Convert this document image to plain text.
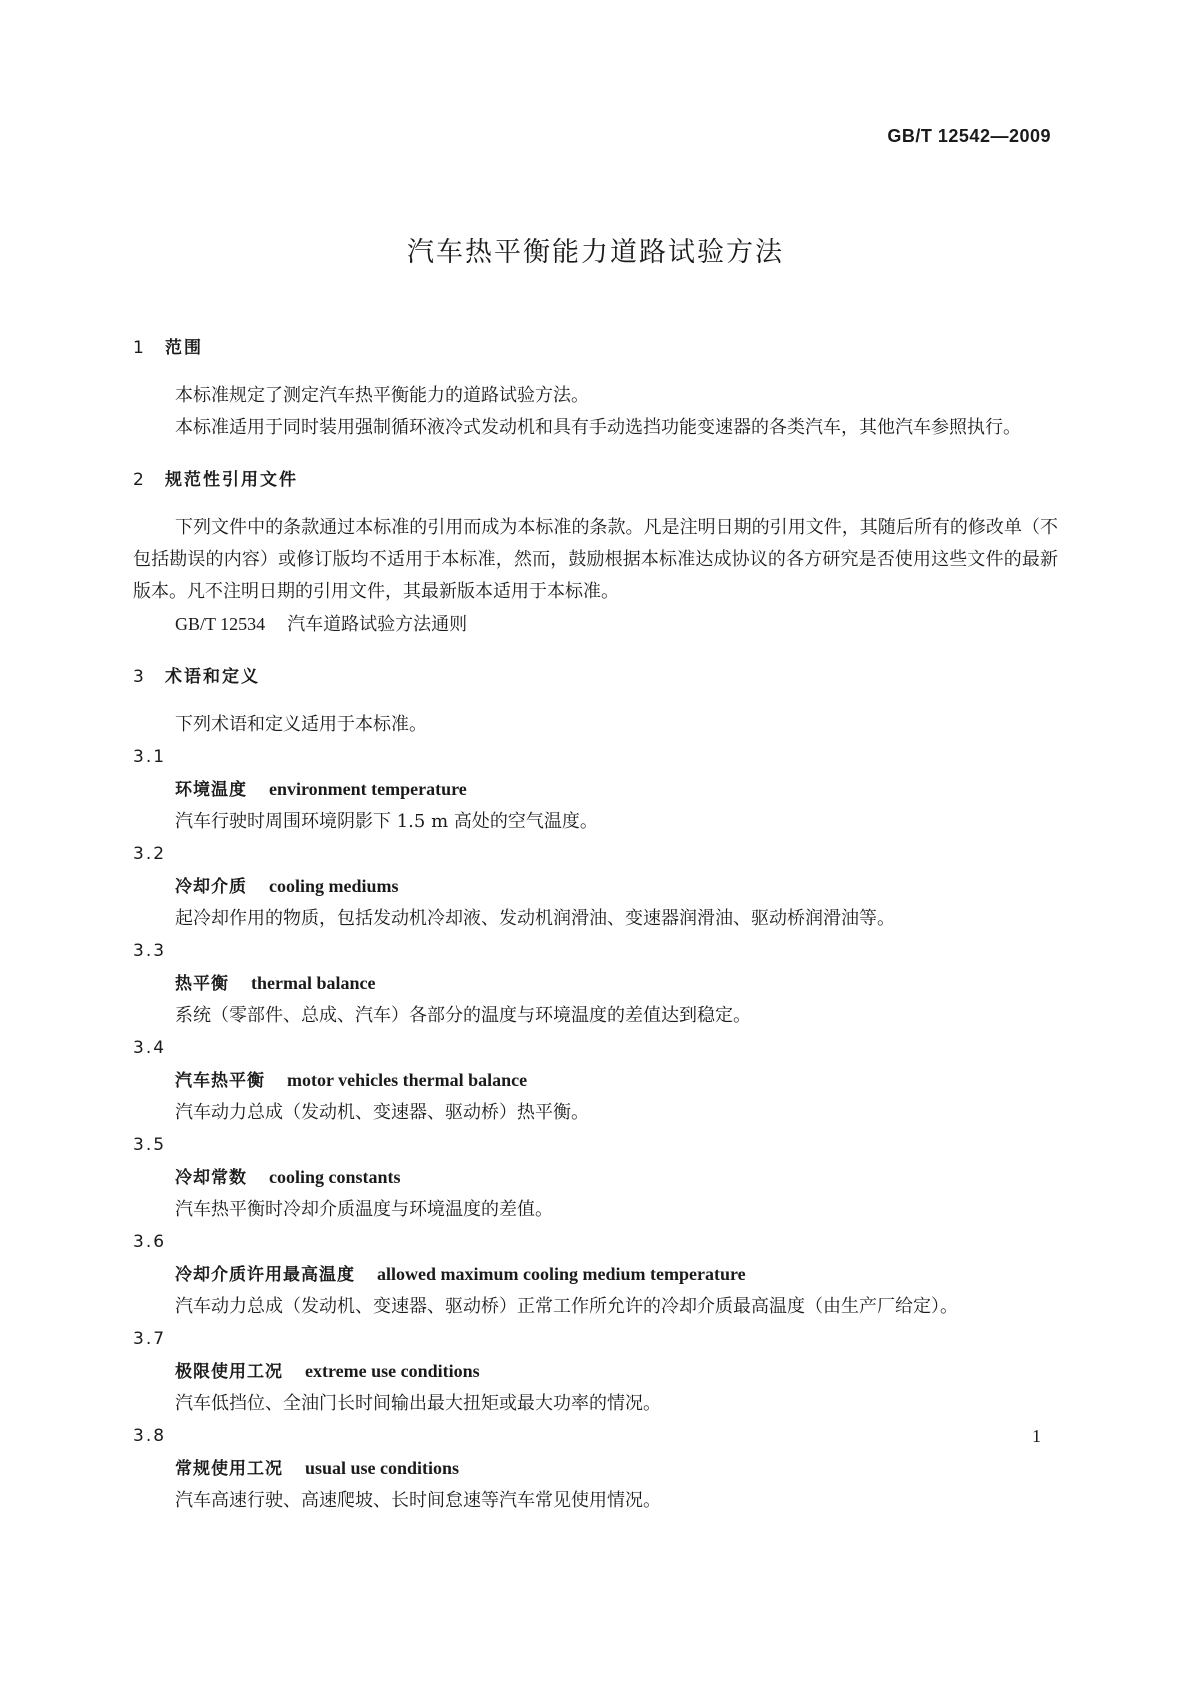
GB/T 12542—2009
汽车热平衡能力道路试验方法
1 范围

本标准规定了测定汽车热平衡能力的道路试验方法。

本标准适用于同时装用强制循环液冷式发动机和具有手动选挡功能变速器的各类汽车，其他汽车参照执行。

2 规范性引用文件

下列文件中的条款通过本标准的引用而成为本标准的条款。凡是注明日期的引用文件，其随后所有的修改单（不包括勘误的内容）或修订版均不适用于本标准，然而，鼓励根据本标准达成协议的各方研究是否使用这些文件的最新版本。凡不注明日期的引用文件，其最新版本适用于本标准。

GB/T 12534 汽车道路试验方法通则

3 术语和定义

下列术语和定义适用于本标准。

3.1

环境温度 environment temperature

汽车行驶时周围环境阴影下 1.5 m 高处的空气温度。

3.2

冷却介质 cooling mediums

起冷却作用的物质，包括发动机冷却液、发动机润滑油、变速器润滑油、驱动桥润滑油等。

3.3

热平衡 thermal balance

系统（零部件、总成、汽车）各部分的温度与环境温度的差值达到稳定。

3.4

汽车热平衡 motor vehicles thermal balance

汽车动力总成（发动机、变速器、驱动桥）热平衡。

3.5

冷却常数 cooling constants

汽车热平衡时冷却介质温度与环境温度的差值。

3.6

冷却介质许用最高温度 allowed maximum cooling medium temperature

汽车动力总成（发动机、变速器、驱动桥）正常工作所允许的冷却介质最高温度（由生产厂给定）。

3.7

极限使用工况 extreme use conditions

汽车低挡位、全油门长时间输出最大扭矩或最大功率的情况。

3.8

常规使用工况 usual use conditions

汽车高速行驶、高速爬坡、长时间怠速等汽车常见使用情况。

1
